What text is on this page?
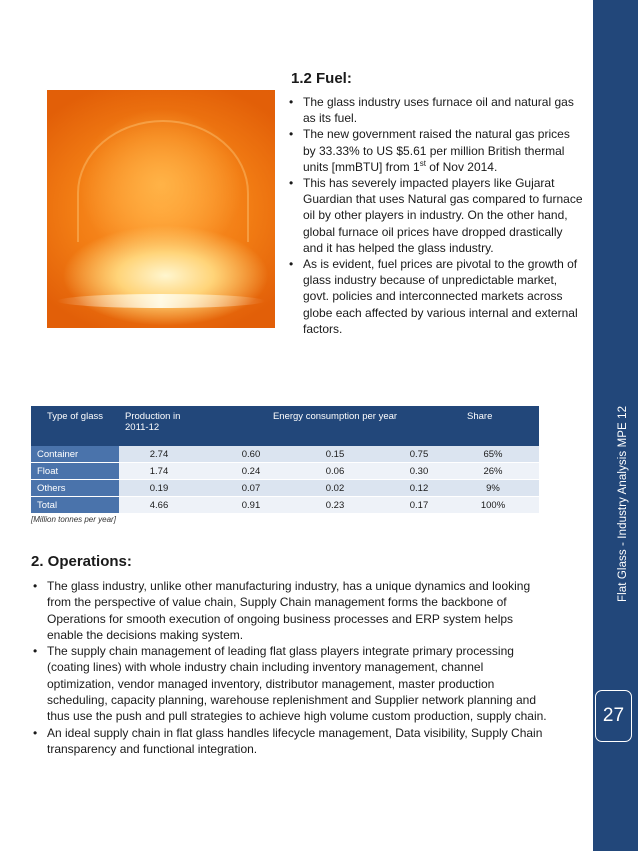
Flat Glass - Industry Analysis MPE 12
27
1.2 Fuel:
• The glass industry uses furnace oil and natural gas as its fuel.
• The new government raised the natural gas prices by 33.33% to US $5.61 per million British thermal units [mmBTU] from 1st of Nov 2014.
• This has severely impacted players like Gujarat Guardian that uses Natural gas compared to furnace oil by other players in industry. On the other hand, global furnace oil prices have dropped drastically and it has helped the glass industry.
• As is evident, fuel prices are pivotal to the growth of glass industry because of unpredictable market, govt. policies and interconnected markets across globe each affected by various internal and external factors.
Type of glass	Production in 2011-12	Energy consumption per year			Share
Container	2.74	0.60	0.15	0.75	65%
Float	1.74	0.24	0.06	0.30	26%
Others	0.19	0.07	0.02	0.12	9%
Total	4.66	0.91	0.23	0.17	100%
[Million tonnes per year]
2. Operations:
• The glass industry, unlike other manufacturing industry, has a unique dynamics and looking from the perspective of value chain, Supply Chain management forms the backbone of Operations for smooth execution of ongoing business processes and ERP system helps enable the decisions making system.
• The supply chain management of leading flat glass players integrate primary processing (coating lines) with whole industry chain including inventory management, channel optimization, vendor managed inventory, distributor management, master production scheduling, capacity planning, warehouse replenishment and Supplier network planning and thus use the push and pull strategies to achieve high volume custom production, supply chain.
• An ideal supply chain in flat glass handles lifecycle management, Data visibility, Supply Chain transparency and functional integration.
